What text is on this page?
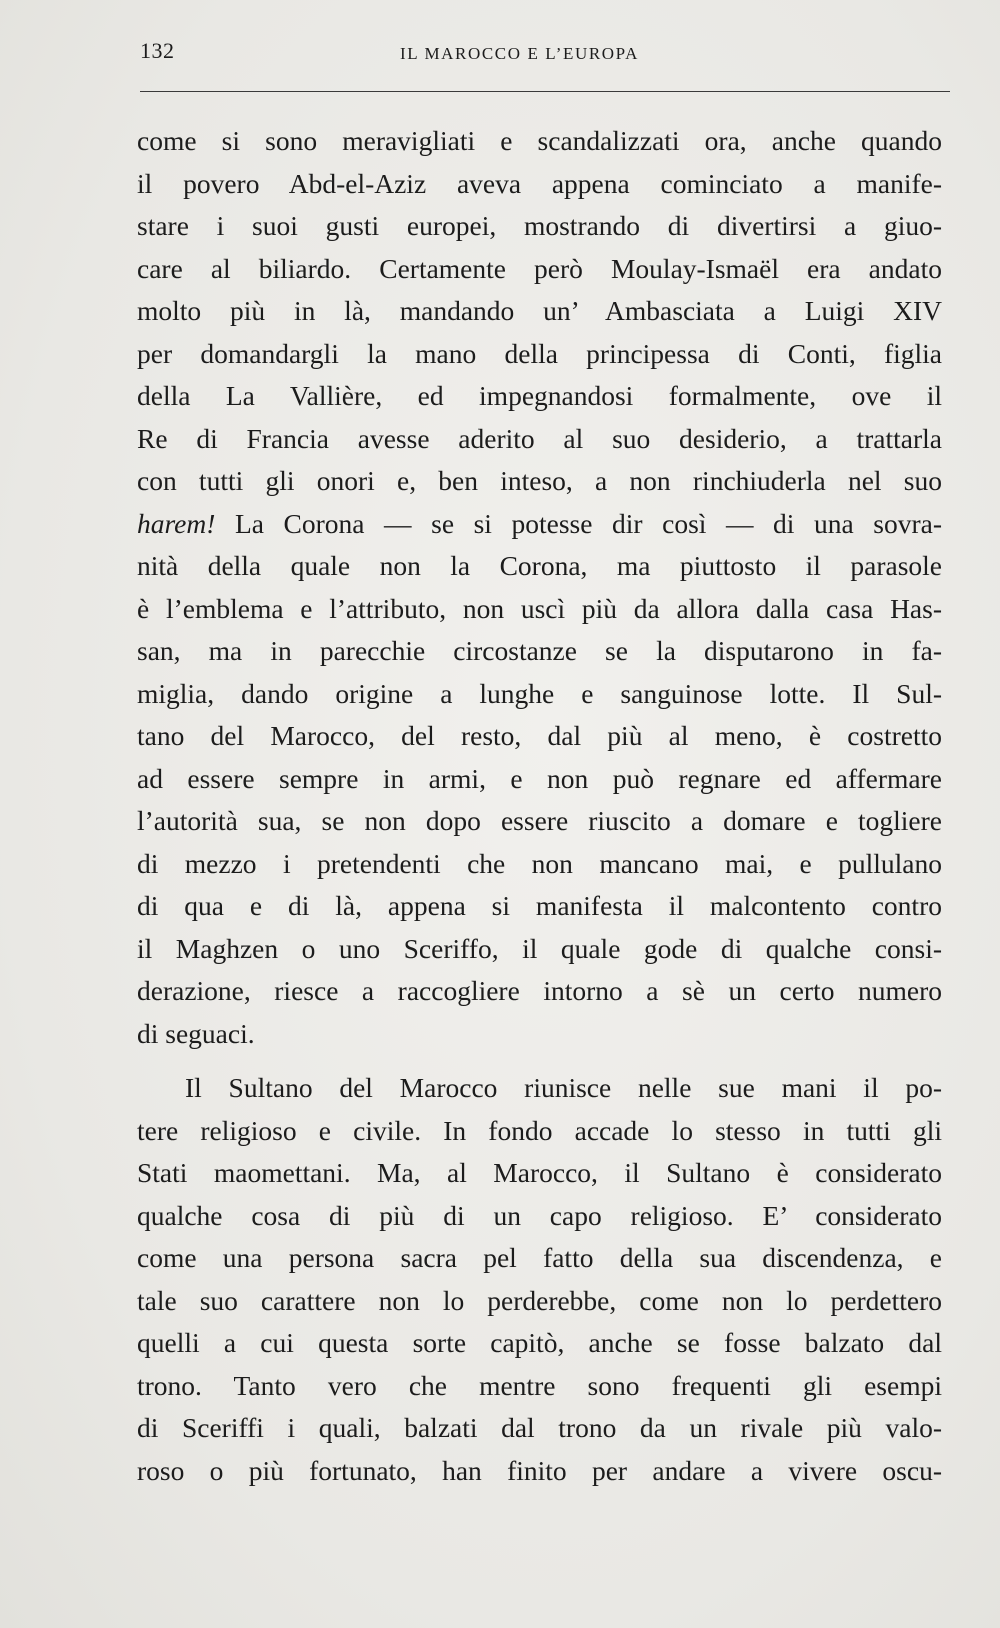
132	IL MAROCCO E L’EUROPA
come si sono meravigliati e scandalizzati ora, anche quando
il povero Abd-el-Aziz aveva appena cominciato a manife-
stare i suoi gusti europei, mostrando di divertirsi a giuo-
care al biliardo. Certamente però Moulay-Ismaël era andato
molto più in là, mandando un’ Ambasciata a Luigi XIV
per domandargli la mano della principessa di Conti, figlia
della La Vallière, ed impegnandosi formalmente, ove il
Re di Francia avesse aderito al suo desiderio, a trattarla
con tutti gli onori e, ben inteso, a non rinchiuderla nel suo
harem! La Corona — se si potesse dir così — di una sovra-
nità della quale non la Corona, ma piuttosto il parasole
è l’emblema e l’attributo, non uscì più da allora dalla casa Has-
san, ma in parecchie circostanze se la disputarono in fa-
miglia, dando origine a lunghe e sanguinose lotte. Il Sul-
tano del Marocco, del resto, dal più al meno, è costretto
ad essere sempre in armi, e non può regnare ed affermare
l’autorità sua, se non dopo essere riuscito a domare e togliere
di mezzo i pretendenti che non mancano mai, e pullulano
di qua e di là, appena si manifesta il malcontento contro
il Maghzen o uno Sceriffo, il quale gode di qualche consi-
derazione, riesce a raccogliere intorno a sè un certo numero
di seguaci.
Il Sultano del Marocco riunisce nelle sue mani il po-
tere religioso e civile. In fondo accade lo stesso in tutti gli
Stati maomettani. Ma, al Marocco, il Sultano è considerato
qualche cosa di più di un capo religioso. E’ considerato
come una persona sacra pel fatto della sua discendenza, e
tale suo carattere non lo perderebbe, come non lo perdettero
quelli a cui questa sorte capitò, anche se fosse balzato dal
trono. Tanto vero che mentre sono frequenti gli esempi
di Sceriffi i quali, balzati dal trono da un rivale più valo-
roso o più fortunato, han finito per andare a vivere oscu-
